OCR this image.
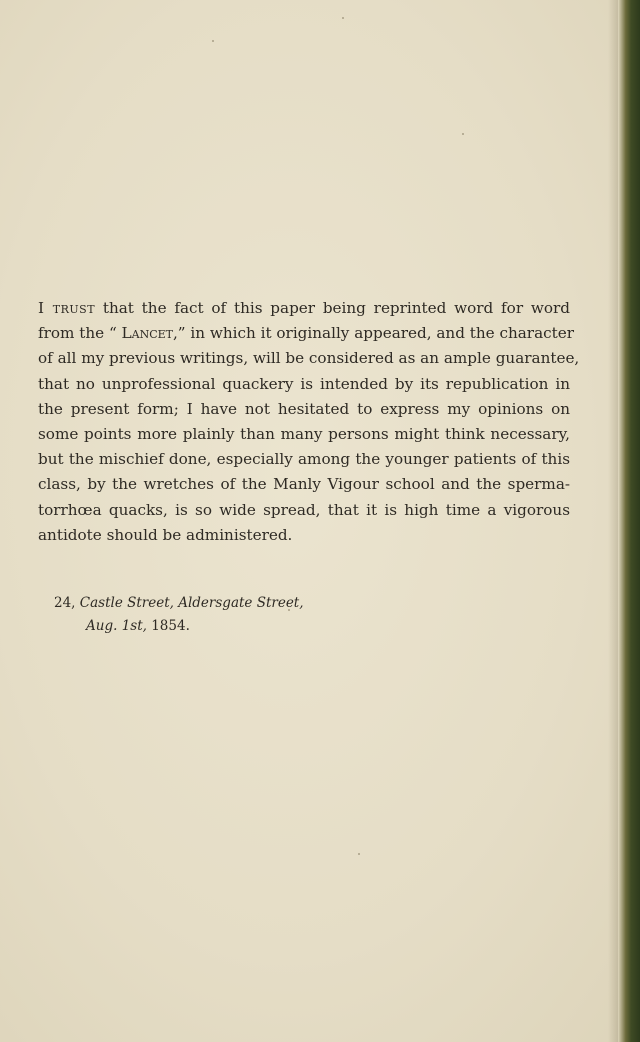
I trust that the fact of this paper being reprinted word for word
from the “ Lancet,” in which it originally appeared, and the character
of all my previous writings, will be considered as an ample guarantee,
that no unprofessional quackery is intended by its republication in
the present form; I have not hesitated to express my opinions on
some points more plainly than many persons might think necessary,
but the mischief done, especially among the younger patients of this
class, by the wretches of the Manly Vigour school and the sperma-
torrhœa quacks, is so wide spread, that it is high time a vigorous
antidote should be administered.
24, Castle Street, Aldersgate Street,
Aug. 1st, 1854.
